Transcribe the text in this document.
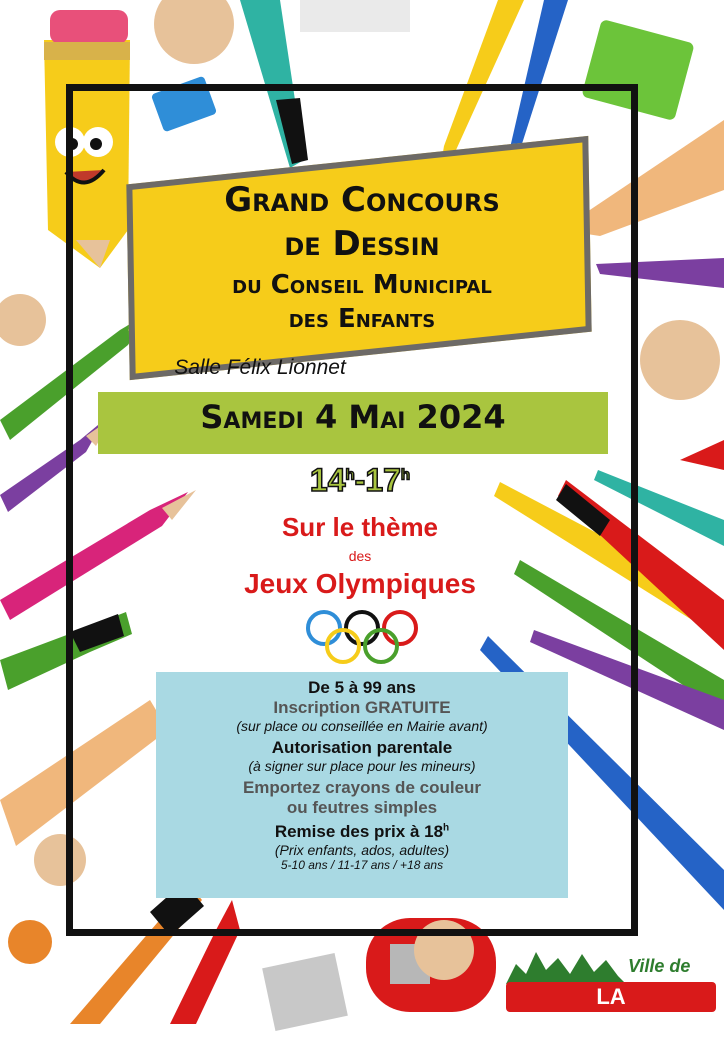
Grand Concours
de Dessin
du Conseil Municipal
des Enfants
Salle Félix Lionnet
Samedi 4 Mai 2024
14$^h$-17$^h$
Sur le thème
des
Jeux Olympiques

De 5 à 99 ans

Inscription GRATUITE

(sur place ou conseillée en Mairie avant)

Autorisation parentale

(à signer sur place pour les mineurs)

Emportez crayons de couleur

ou feutres simples

Remise des prix à 18$^h$

(Prix enfants, ados, adultes)

5-10 ans / 11-17 ans / +18 ans

Ville de
LA CHÂTAIGNERAIE
